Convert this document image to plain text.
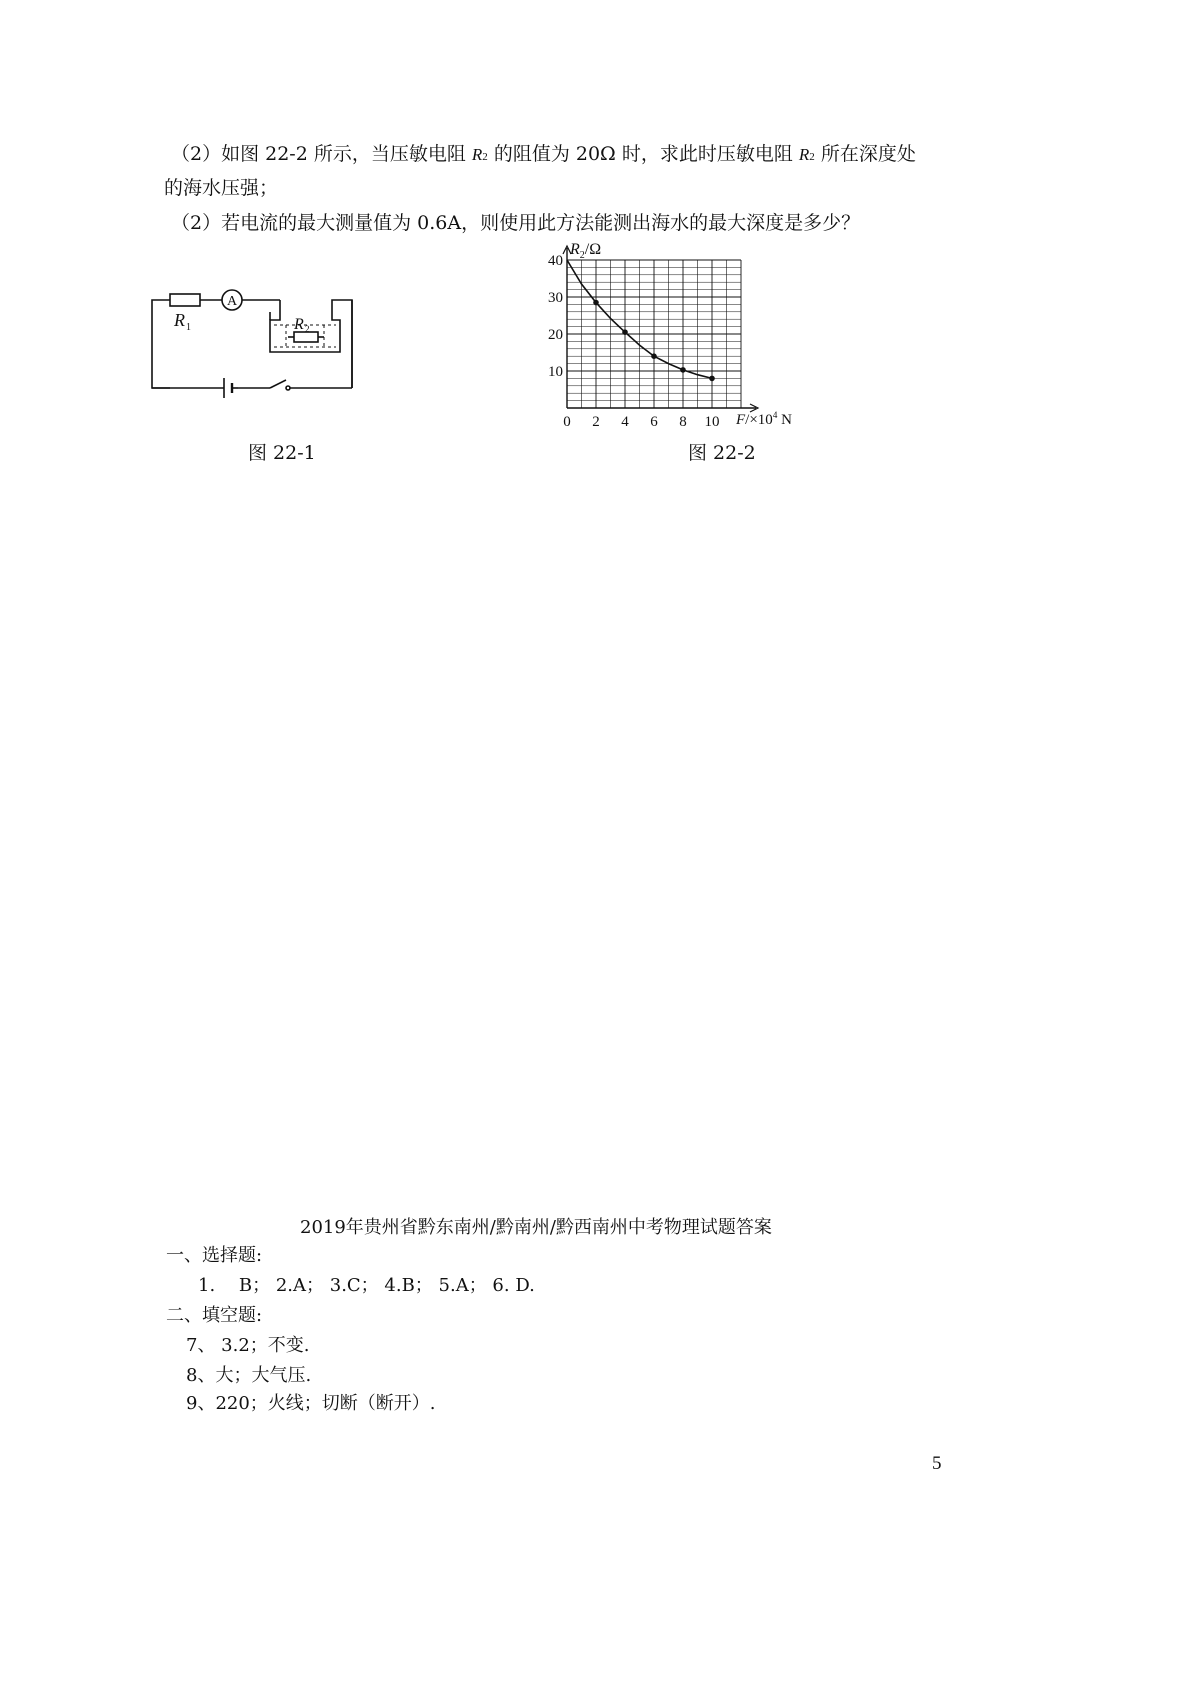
（2）如图 22-2 所示，当压敏电阻 R2 的阻值为 20Ω 时，求此时压敏电阻 R2 所在深度处
的海水压强；
（2）若电流的最大测量值为 0.6A，则使用此方法能测出海水的最大深度是多少？
A
R 1	R 2
图 22-1
0 2 4 6 8 10
10
20
30
40
$R_2/\Omega$
$F/\times 10^4$ N
图 22-2
2019年贵州省黔东南州/黔南州/黔西南州中考物理试题答案
一、选择题:
1.　 B； 2.A； 3.C； 4.B； 5.A； 6. D.
二、填空题:
7、 3.2；不变.
8、大；大气压.
9、220；火线；切断（断开）.
5
